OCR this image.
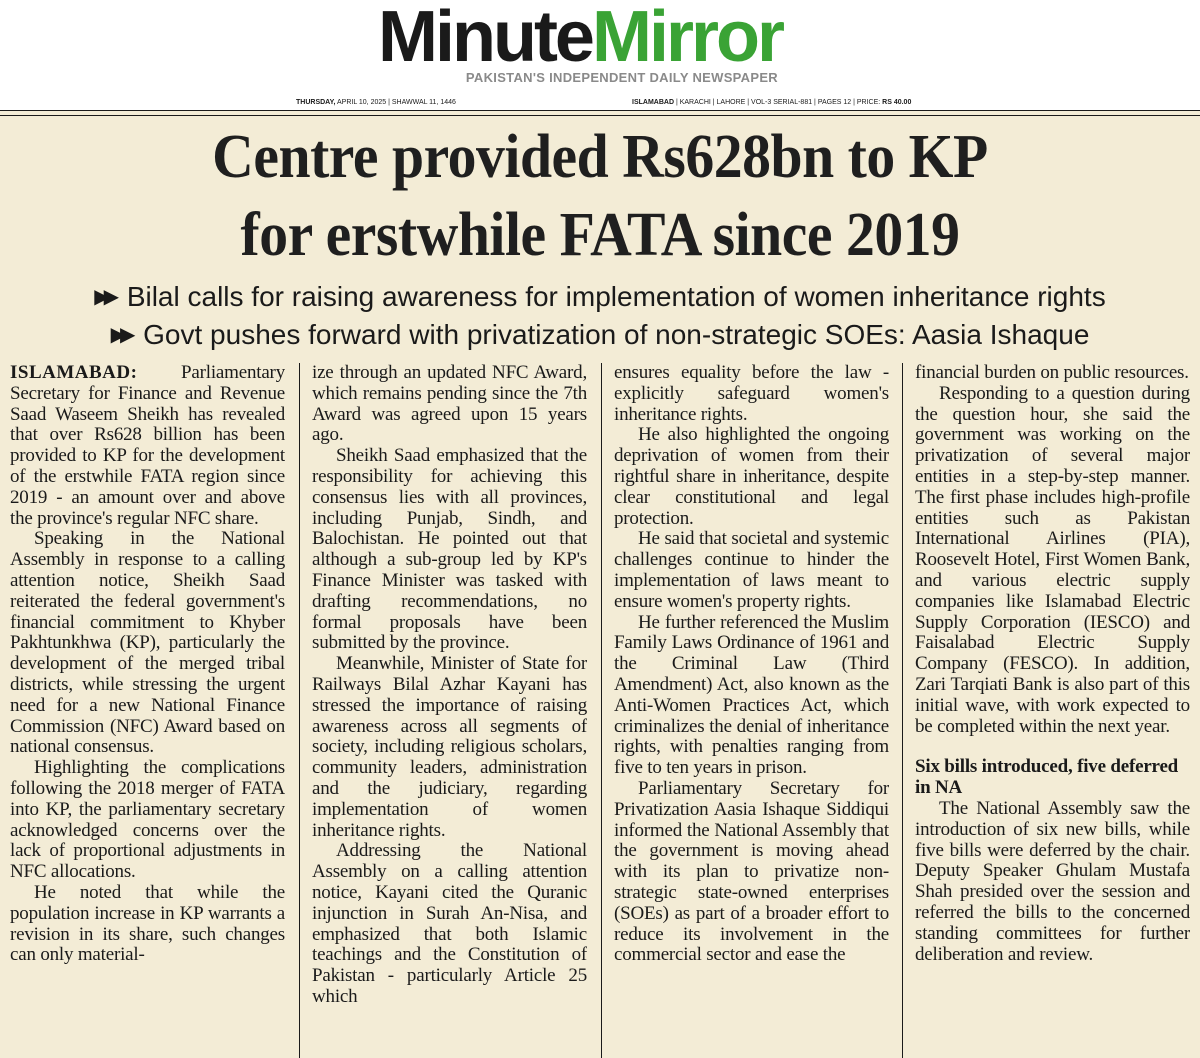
MinuteMirror
PAKISTAN'S INDEPENDENT DAILY NEWSPAPER
THURSDAY, APRIL 10, 2025 | SHAWWAL 11, 1446	ISLAMABAD | KARACHI | LAHORE | VOL-3 SERIAL-881 | PAGES 12 | PRICE: RS 40.00
Centre provided Rs628bn to KP
for erstwhile FATA since 2019
▶▶ Bilal calls for raising awareness for implementation of women inheritance rights
▶▶ Govt pushes forward with privatization of non-strategic SOEs: Aasia Ishaque

ISLAMABAD: Parliamentary Secretary for Finance and Revenue Saad Waseem Sheikh has revealed that over Rs628 billion has been provided to KP for the development of the erstwhile FATA region since 2019 - an amount over and above the province's regular NFC share.

Speaking in the National Assembly in response to a calling attention notice, Sheikh Saad reiterated the federal government's financial commitment to Khyber Pakhtunkhwa (KP), particularly the development of the merged tribal districts, while stressing the urgent need for a new National Finance Commission (NFC) Award based on national consensus.

Highlighting the complications following the 2018 merger of FATA into KP, the parliamentary secretary acknowledged concerns over the lack of proportional adjustments in NFC allocations.

He noted that while the population increase in KP warrants a revision in its share, such changes can only material-

ize through an updated NFC Award, which remains pending since the 7th Award was agreed upon 15 years ago.

Sheikh Saad emphasized that the responsibility for achieving this consensus lies with all provinces, including Punjab, Sindh, and Balochistan. He pointed out that although a sub-group led by KP's Finance Minister was tasked with drafting recommendations, no formal proposals have been submitted by the province.

Meanwhile, Minister of State for Railways Bilal Azhar Kayani has stressed the importance of raising awareness across all segments of society, including religious scholars, community leaders, administration and the judiciary, regarding implementation of women inheritance rights.

Addressing the National Assembly on a calling attention notice, Kayani cited the Quranic injunction in Surah An-Nisa, and emphasized that both Islamic teachings and the Constitution of Pakistan - particularly Article 25 which

ensures equality before the law - explicitly safeguard women's inheritance rights.

He also highlighted the ongoing deprivation of women from their rightful share in inheritance, despite clear constitutional and legal protection.

He said that societal and systemic challenges continue to hinder the implementation of laws meant to ensure women's property rights.

He further referenced the Muslim Family Laws Ordinance of 1961 and the Criminal Law (Third Amendment) Act, also known as the Anti-Women Practices Act, which criminalizes the denial of inheritance rights, with penalties ranging from five to ten years in prison.

Parliamentary Secretary for Privatization Aasia Ishaque Siddiqui informed the National Assembly that the government is moving ahead with its plan to privatize non-strategic state-owned enterprises (SOEs) as part of a broader effort to reduce its involvement in the commercial sector and ease the

financial burden on public resources.

Responding to a question during the question hour, she said the government was working on the privatization of several major entities in a step-by-step manner. The first phase includes high-profile entities such as Pakistan International Airlines (PIA), Roosevelt Hotel, First Women Bank, and various electric supply companies like Islamabad Electric Supply Corporation (IESCO) and Faisalabad Electric Supply Company (FESCO). In addition, Zari Tarqiati Bank is also part of this initial wave, with work expected to be completed within the next year.

Six bills introduced, five deferred in NA

The National Assembly saw the introduction of six new bills, while five bills were deferred by the chair. Deputy Speaker Ghulam Mustafa Shah presided over the session and referred the bills to the concerned standing committees for further deliberation and review.
